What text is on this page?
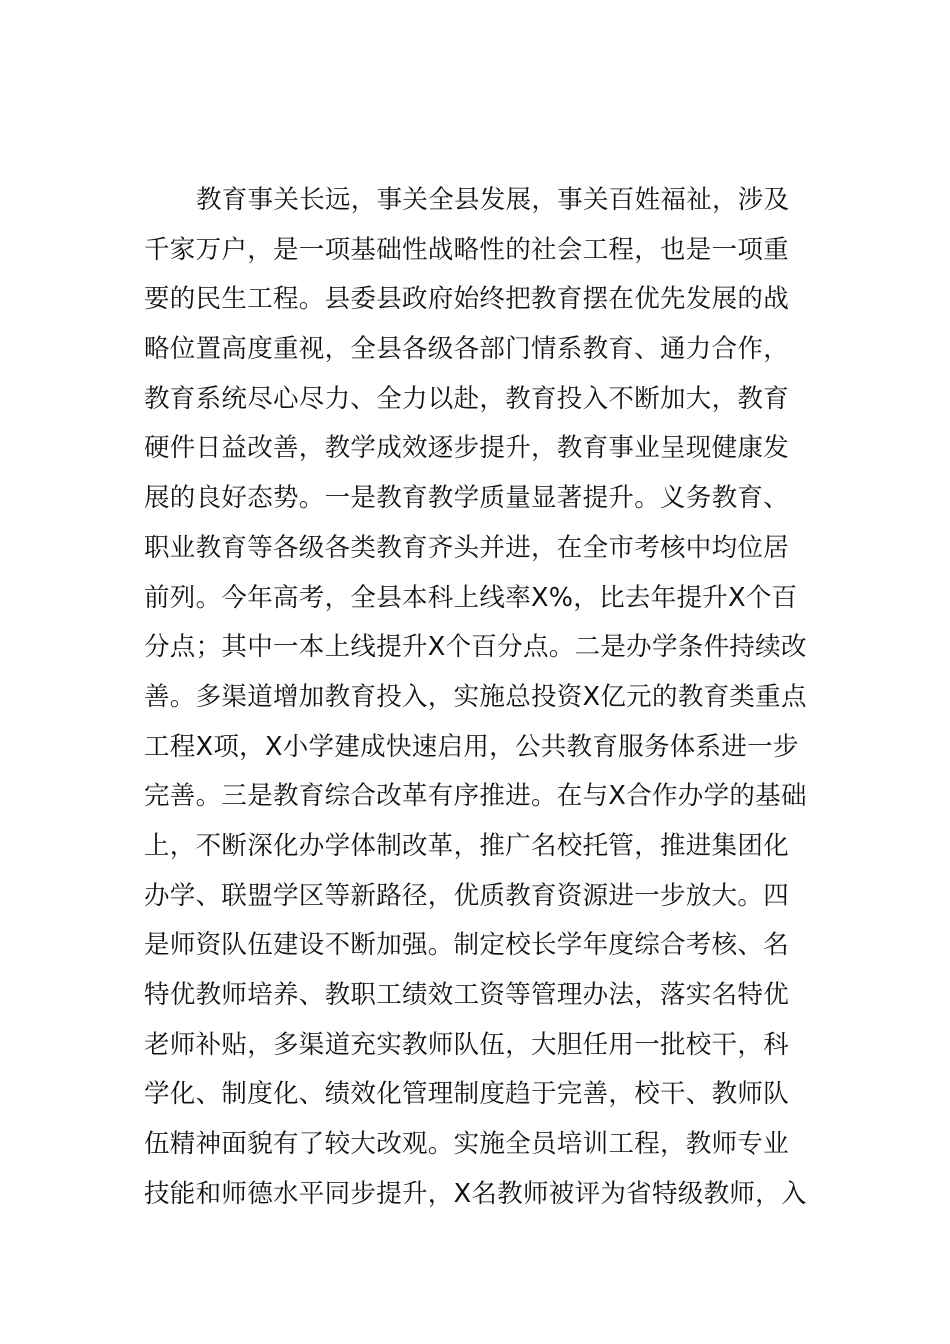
教育事关长远，事关全县发展，事关百姓福祉，涉及
千家万户，是一项基础性战略性的社会工程，也是一项重
要的民生工程。县委县政府始终把教育摆在优先发展的战
略位置高度重视，全县各级各部门情系教育、通力合作，
教育系统尽心尽力、全力以赴，教育投入不断加大，教育
硬件日益改善，教学成效逐步提升，教育事业呈现健康发
展的良好态势。一是教育教学质量显著提升。义务教育、
职业教育等各级各类教育齐头并进，在全市考核中均位居
前列。今年高考，全县本科上线率X%，比去年提升X个百
分点；其中一本上线提升X个百分点。二是办学条件持续改
善。多渠道增加教育投入，实施总投资X亿元的教育类重点
工程X项，X小学建成快速启用，公共教育服务体系进一步
完善。三是教育综合改革有序推进。在与X合作办学的基础
上，不断深化办学体制改革，推广名校托管，推进集团化
办学、联盟学区等新路径，优质教育资源进一步放大。四
是师资队伍建设不断加强。制定校长学年度综合考核、名
特优教师培养、教职工绩效工资等管理办法，落实名特优
老师补贴，多渠道充实教师队伍，大胆任用一批校干，科
学化、制度化、绩效化管理制度趋于完善，校干、教师队
伍精神面貌有了较大改观。实施全员培训工程，教师专业
技能和师德水平同步提升，X名教师被评为省特级教师，入
